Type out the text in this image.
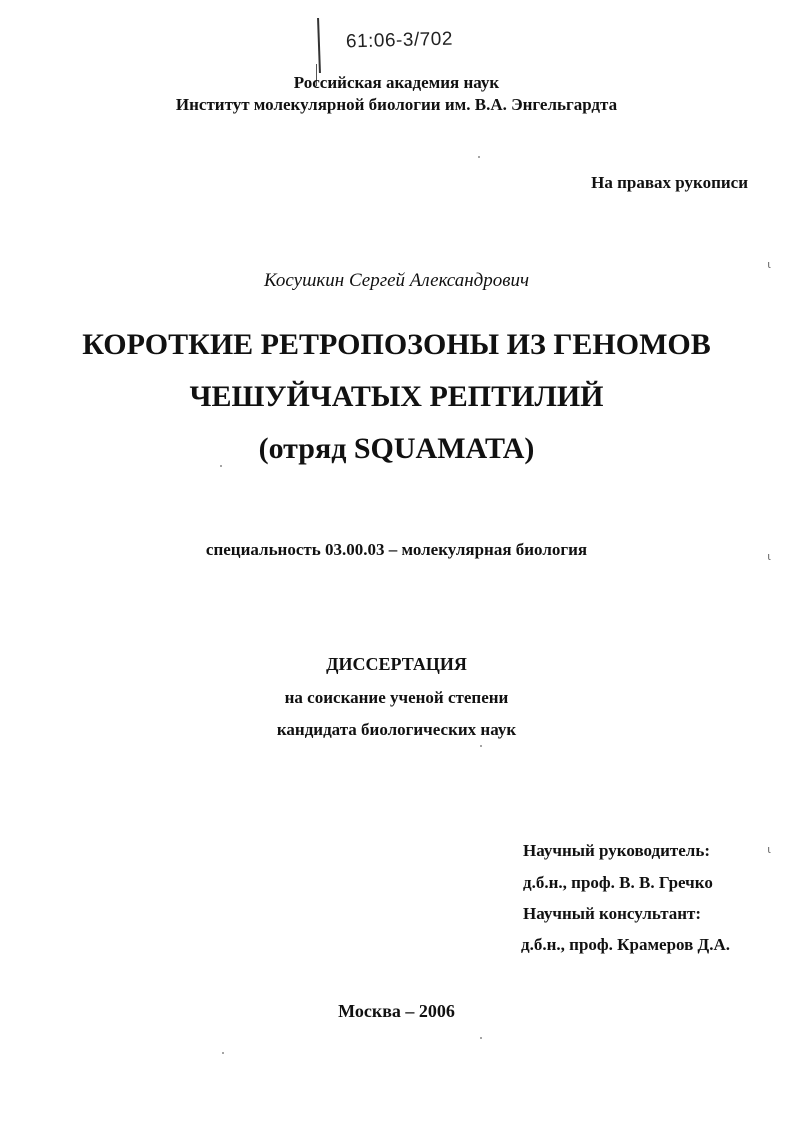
61:06-3/702
Российская академия наук
Институт молекулярной биологии им. В.А. Энгельгардта
На правах рукописи
Косушкин Сергей Александрович
КОРОТКИЕ РЕТРОПОЗОНЫ ИЗ ГЕНОМОВ
ЧЕШУЙЧАТЫХ РЕПТИЛИЙ
(отряд SQUAMATA)
специальность 03.00.03 – молекулярная биология
ДИССЕРТАЦИЯ
на соискание ученой степени
кандидата биологических наук
Научный руководитель:
д.б.н., проф. В. В. Гречко
Научный консультант:
д.б.н., проф. Крамеров Д.А.
Москва – 2006
ι
ι
ι
